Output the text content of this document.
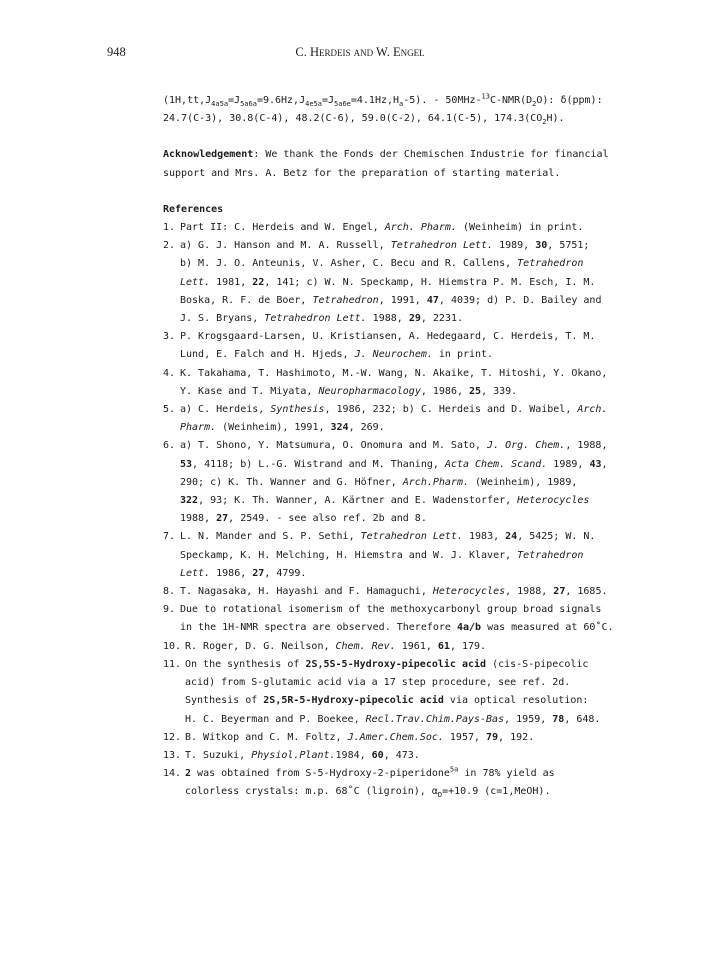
948	C. Herdeis and W. Engel
$(1H,tt,J_{4a5a}=J_{5a6a}=9.6Hz,J_{4e5a}=J_{5a6e}=4.1Hz,H_a-5)$. - $50MHz-^{13}C-NMR(D_2O)$: δ(ppm):
24.7(C-3), 30.8(C-4), 48.2(C-6), 59.0(C-2), 64.1(C-5), $174.3(CO_2H)$.
Acknowledgement: We thank the Fonds der Chemischen Industrie for financial
support and Mrs. A. Betz for the preparation of starting material.
References
1. Part II: C. Herdeis and W. Engel, Arch. Pharm. (Weinheim) in print.
2. a) G. J. Hanson and M. A. Russell, Tetrahedron Lett. 1989, 30, 5751;
b) M. J. O. Anteunis, V. Asher, C. Becu and R. Callens, Tetrahedron
Lett. 1981, 22, 141; c) W. N. Speckamp, H. Hiemstra P. M. Esch, I. M.
Boska, R. F. de Boer, Tetrahedron, 1991, 47, 4039; d) P. D. Bailey and
J. S. Bryans, Tetrahedron Lett. 1988, 29, 2231.
3. P. Krogsgaard-Larsen, U. Kristiansen, A. Hedegaard, C. Herdeis, T. M.
Lund, E. Falch and H. Hjeds, J. Neurochem. in print.
4. K. Takahama, T. Hashimoto, M.-W. Wang, N. Akaike, T. Hitoshi, Y. Okano,
Y. Kase and T. Miyata, Neuropharmacology, 1986, 25, 339.
5. a) C. Herdeis, Synthesis, 1986, 232; b) C. Herdeis and D. Waibel, Arch.
Pharm. (Weinheim), 1991, 324, 269.
6. a) T. Shono, Y. Matsumura, O. Onomura and M. Sato, J. Org. Chem., 1988,
53, 4118; b) L.-G. Wistrand and M. Thaning, Acta Chem. Scand. 1989, 43,
290; c) K. Th. Wanner and G. Höfner, Arch.Pharm. (Weinheim), 1989,
322, 93; K. Th. Wanner, A. Kärtner and E. Wadenstorfer, Heterocycles
1988, 27, 2549. - see also ref. 2b and 8.
7. L. N. Mander and S. P. Sethi, Tetrahedron Lett. 1983, 24, 5425; W. N.
Speckamp, K. H. Melching, H. Hiemstra and W. J. Klaver, Tetrahedron
Lett. 1986, 27, 4799.
8. T. Nagasaka, H. Hayashi and F. Hamaguchi, Heterocycles, 1988, 27, 1685.
9. Due to rotational isomerism of the methoxycarbonyl group broad signals
in the 1H-NMR spectra are observed. Therefore 4a/b was measured at 60˚C.
10. R. Roger, D. G. Neilson, Chem. Rev. 1961, 61, 179.
11. On the synthesis of 2S,5S-5-Hydroxy-pipecolic acid (cis-S-pipecolic
acid) from S-glutamic acid via a 17 step procedure, see ref. 2d.
Synthesis of 2S,5R-5-Hydroxy-pipecolic acid via optical resolution:
H. C. Beyerman and P. Boekee, Recl.Trav.Chim.Pays-Bas, 1959, 78, 648.
12. B. Witkop and C. M. Foltz, J.Amer.Chem.Soc. 1957, 79, 192.
13. T. Suzuki, Physiol.Plant.1984, 60, 473.
14. 2 was obtained from S-5-Hydroxy-2-piperidone$^{5a}$ in 78% yield as
colorless crystals: m.p. 68˚C (ligroin), $\alpha_D=+10.9$ (c=1,MeOH).
